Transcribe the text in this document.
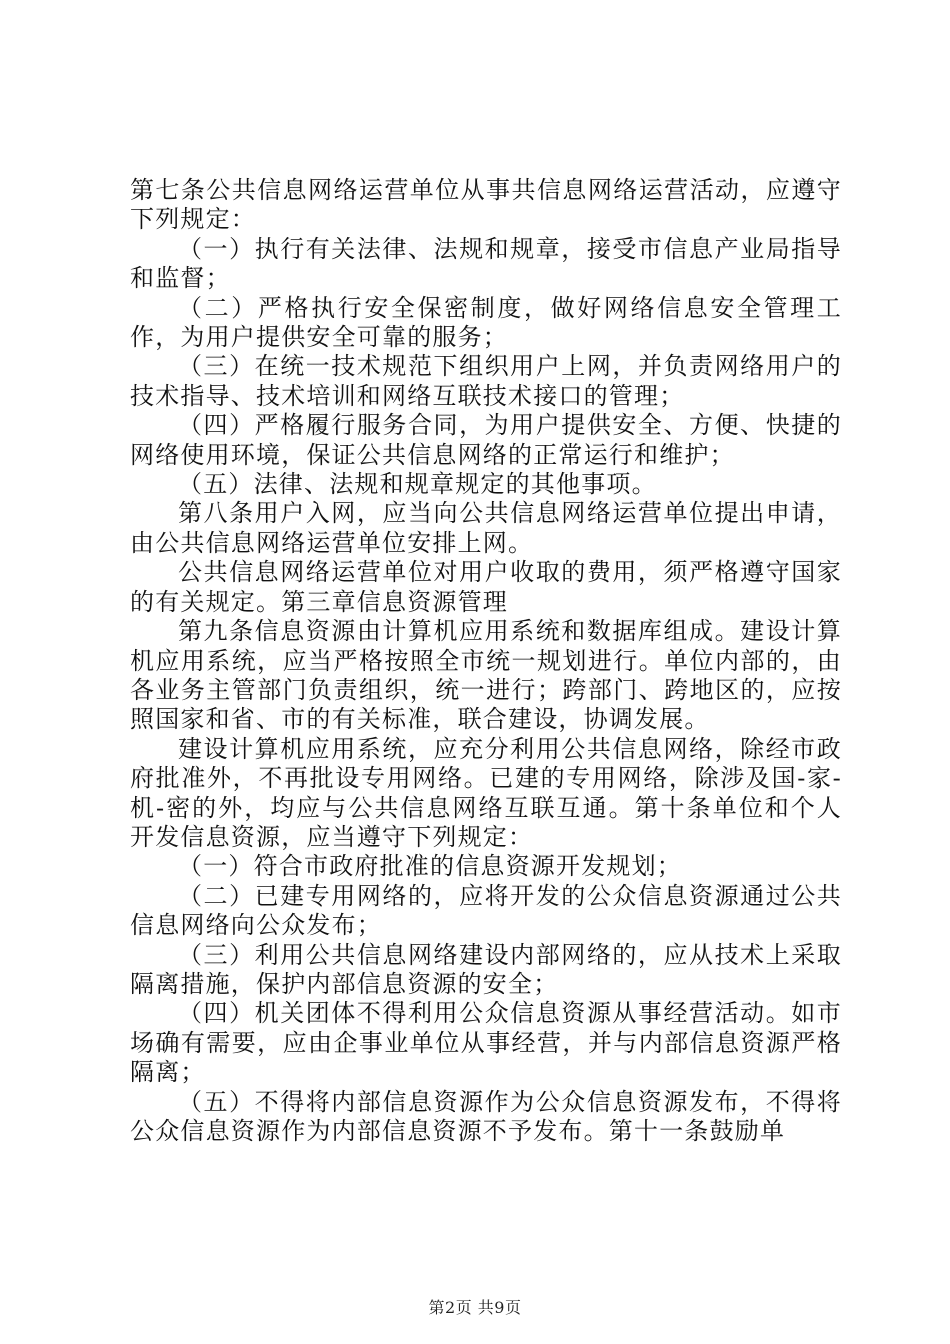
第七条公共信息网络运营单位从事共信息网络运营活动，应遵守下列规定：

（一）执行有关法律、法规和规章，接受市信息产业局指导和监督；

（二）严格执行安全保密制度，做好网络信息安全管理工作，为用户提供安全可靠的服务；

（三）在统一技术规范下组织用户上网，并负责网络用户的技术指导、技术培训和网络互联技术接口的管理；

（四）严格履行服务合同，为用户提供安全、方便、快捷的网络使用环境，保证公共信息网络的正常运行和维护；

（五）法律、法规和规章规定的其他事项。

第八条用户入网，应当向公共信息网络运营单位提出申请，由公共信息网络运营单位安排上网。

公共信息网络运营单位对用户收取的费用，须严格遵守国家的有关规定。第三章信息资源管理

第九条信息资源由计算机应用系统和数据库组成。建设计算机应用系统，应当严格按照全市统一规划进行。单位内部的，由各业务主管部门负责组织，统一进行；跨部门、跨地区的，应按照国家和省、市的有关标准，联合建设，协调发展。

建设计算机应用系统，应充分利用公共信息网络，除经市政府批准外，不再批设专用网络。已建的专用网络，除涉及国-家-机-密的外，均应与公共信息网络互联互通。第十条单位和个人开发信息资源，应当遵守下列规定：

（一）符合市政府批准的信息资源开发规划；

（二）已建专用网络的，应将开发的公众信息资源通过公共信息网络向公众发布；

（三）利用公共信息网络建设内部网络的，应从技术上采取隔离措施，保护内部信息资源的安全；

（四）机关团体不得利用公众信息资源从事经营活动。如市场确有需要，应由企事业单位从事经营，并与内部信息资源严格隔离；

（五）不得将内部信息资源作为公众信息资源发布，不得将公众信息资源作为内部信息资源不予发布。第十一条鼓励单

第2页 共9页
